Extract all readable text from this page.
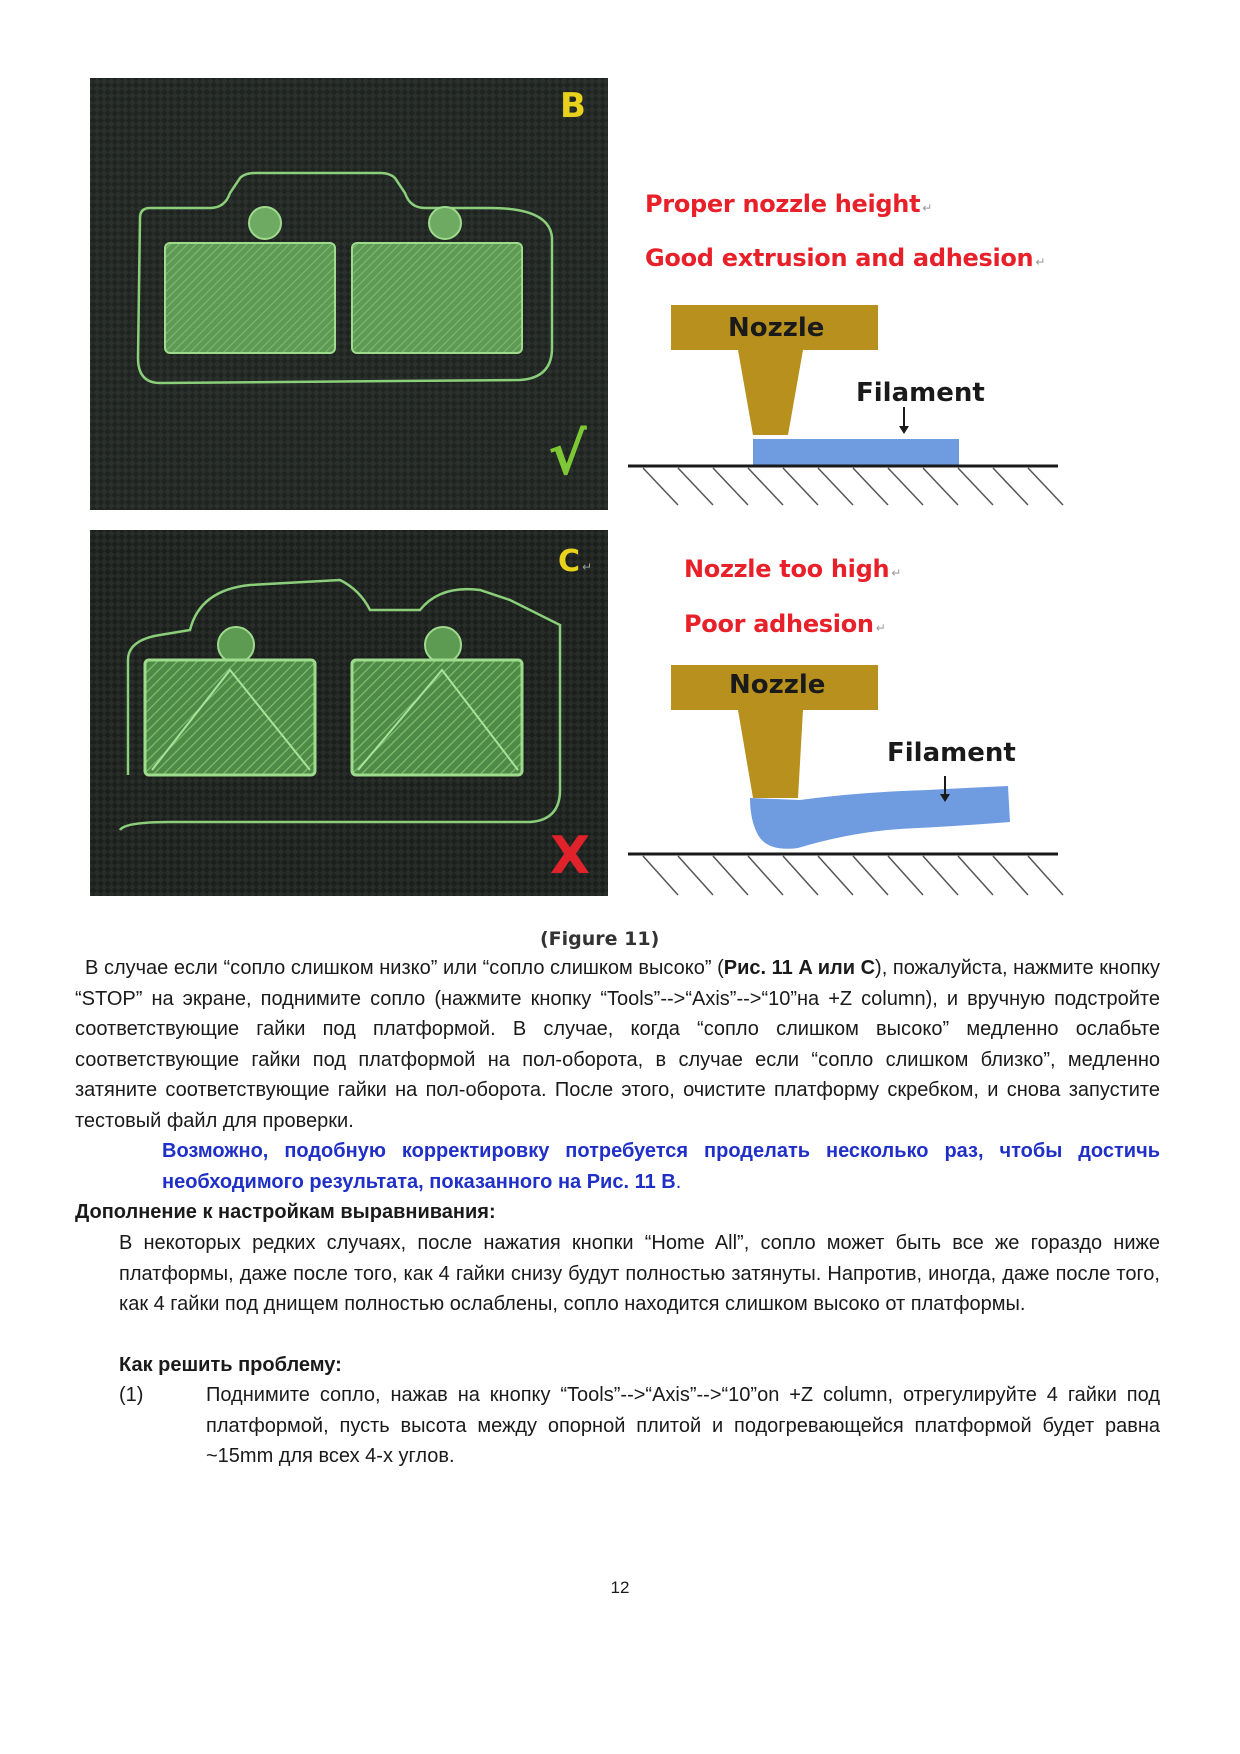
B
√
Proper nozzle height ↵
Good extrusion and adhesion ↵
Nozzle
Filament
C ↵
X
Nozzle too high ↵
Poor adhesion ↵
Nozzle
Filament
(Figure 11)
В случае если “сопло слишком низко” или “сопло слишком высоко” (Рис. 11 A или C), пожалуйста, нажмите кнопку “STOP” на экране, поднимите сопло (нажмите кнопку “Tools”-->“Axis”-->“10”на +Z column), и вручную подстройте соответствующие гайки под платформой. В случае, когда “сопло слишком высоко” медленно ослабьте соответствующие гайки под платформой на пол-оборота, в случае если “сопло слишком близко”, медленно затяните соответствующие гайки на пол-оборота. После этого, очистите платформу скребком, и снова запустите тестовый файл для проверки.
Возможно, подобную корректировку потребуется проделать несколько раз, чтобы достичь необходимого результата, показанного на Рис. 11 B.
Дополнение к настройкам выравнивания:
В некоторых редких случаях, после нажатия кнопки “Home All”, сопло может быть все же гораздо ниже платформы, даже после того, как 4 гайки снизу будут полностью затянуты. Напротив, иногда, даже после того, как 4 гайки под днищем полностью ослаблены, сопло находится слишком высоко от платформы.
Как решить проблему:
(1)	Поднимите сопло, нажав на кнопку “Tools”-->“Axis”-->“10”on +Z column, отрегулируйте 4 гайки под платформой, пусть высота между опорной плитой и подогревающейся платформой будет равна ~15mm для всех 4-х углов.
12
